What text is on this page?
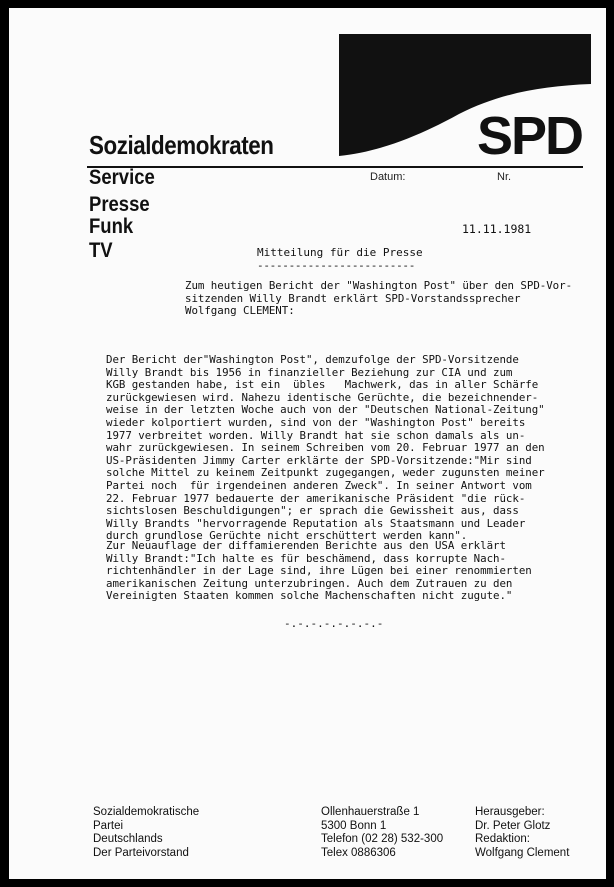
SPD
Sozialdemokraten
Service
Presse
Funk
TV
Datum:	Nr.
11.11.1981
Mitteilung für die Presse
-------------------------
Zum heutigen Bericht der "Washington Post" über den SPD-Vor-
sitzenden Willy Brandt erklärt SPD-Vorstandssprecher
Wolfgang CLEMENT:
Der Bericht der"Washington Post", demzufolge der SPD-Vorsitzende
Willy Brandt bis 1956 in finanzieller Beziehung zur CIA und zum
KGB gestanden habe, ist ein  übles   Machwerk, das in aller Schärfe
zurückgewiesen wird. Nahezu identische Gerüchte, die bezeichnender-
weise in der letzten Woche auch von der "Deutschen National-Zeitung"
wieder kolportiert wurden, sind von der "Washington Post" bereits
1977 verbreitet worden. Willy Brandt hat sie schon damals als un-
wahr zurückgewiesen. In seinem Schreiben vom 20. Februar 1977 an den
US-Präsidenten Jimmy Carter erklärte der SPD-Vorsitzende:"Mir sind
solche Mittel zu keinem Zeitpunkt zugegangen, weder zugunsten meiner
Partei noch  für irgendeinen anderen Zweck". In seiner Antwort vom
22. Februar 1977 bedauerte der amerikanische Präsident "die rück-
sichtslosen Beschuldigungen"; er sprach die Gewissheit aus, dass
Willy Brandts "hervorragende Reputation als Staatsmann und Leader
durch grundlose Gerüchte nicht erschüttert werden kann".
Zur Neuauflage der diffamierenden Berichte aus den USA erklärt
Willy Brandt:"Ich halte es für beschämend, dass korrupte Nach-
richtenhändler in der Lage sind, ihre Lügen bei einer renommierten
amerikanischen Zeitung unterzubringen. Auch dem Zutrauen zu den
Vereinigten Staaten kommen solche Machenschaften nicht zugute."
-.-.-.-.-.-.-.-
Sozialdemokratische
Partei
Deutschlands
Der Parteivorstand
Ollenhauerstraße 1
5300 Bonn 1
Telefon (02 28) 532-300
Telex 0886306
Herausgeber:
Dr. Peter Glotz
Redaktion:
Wolfgang Clement
